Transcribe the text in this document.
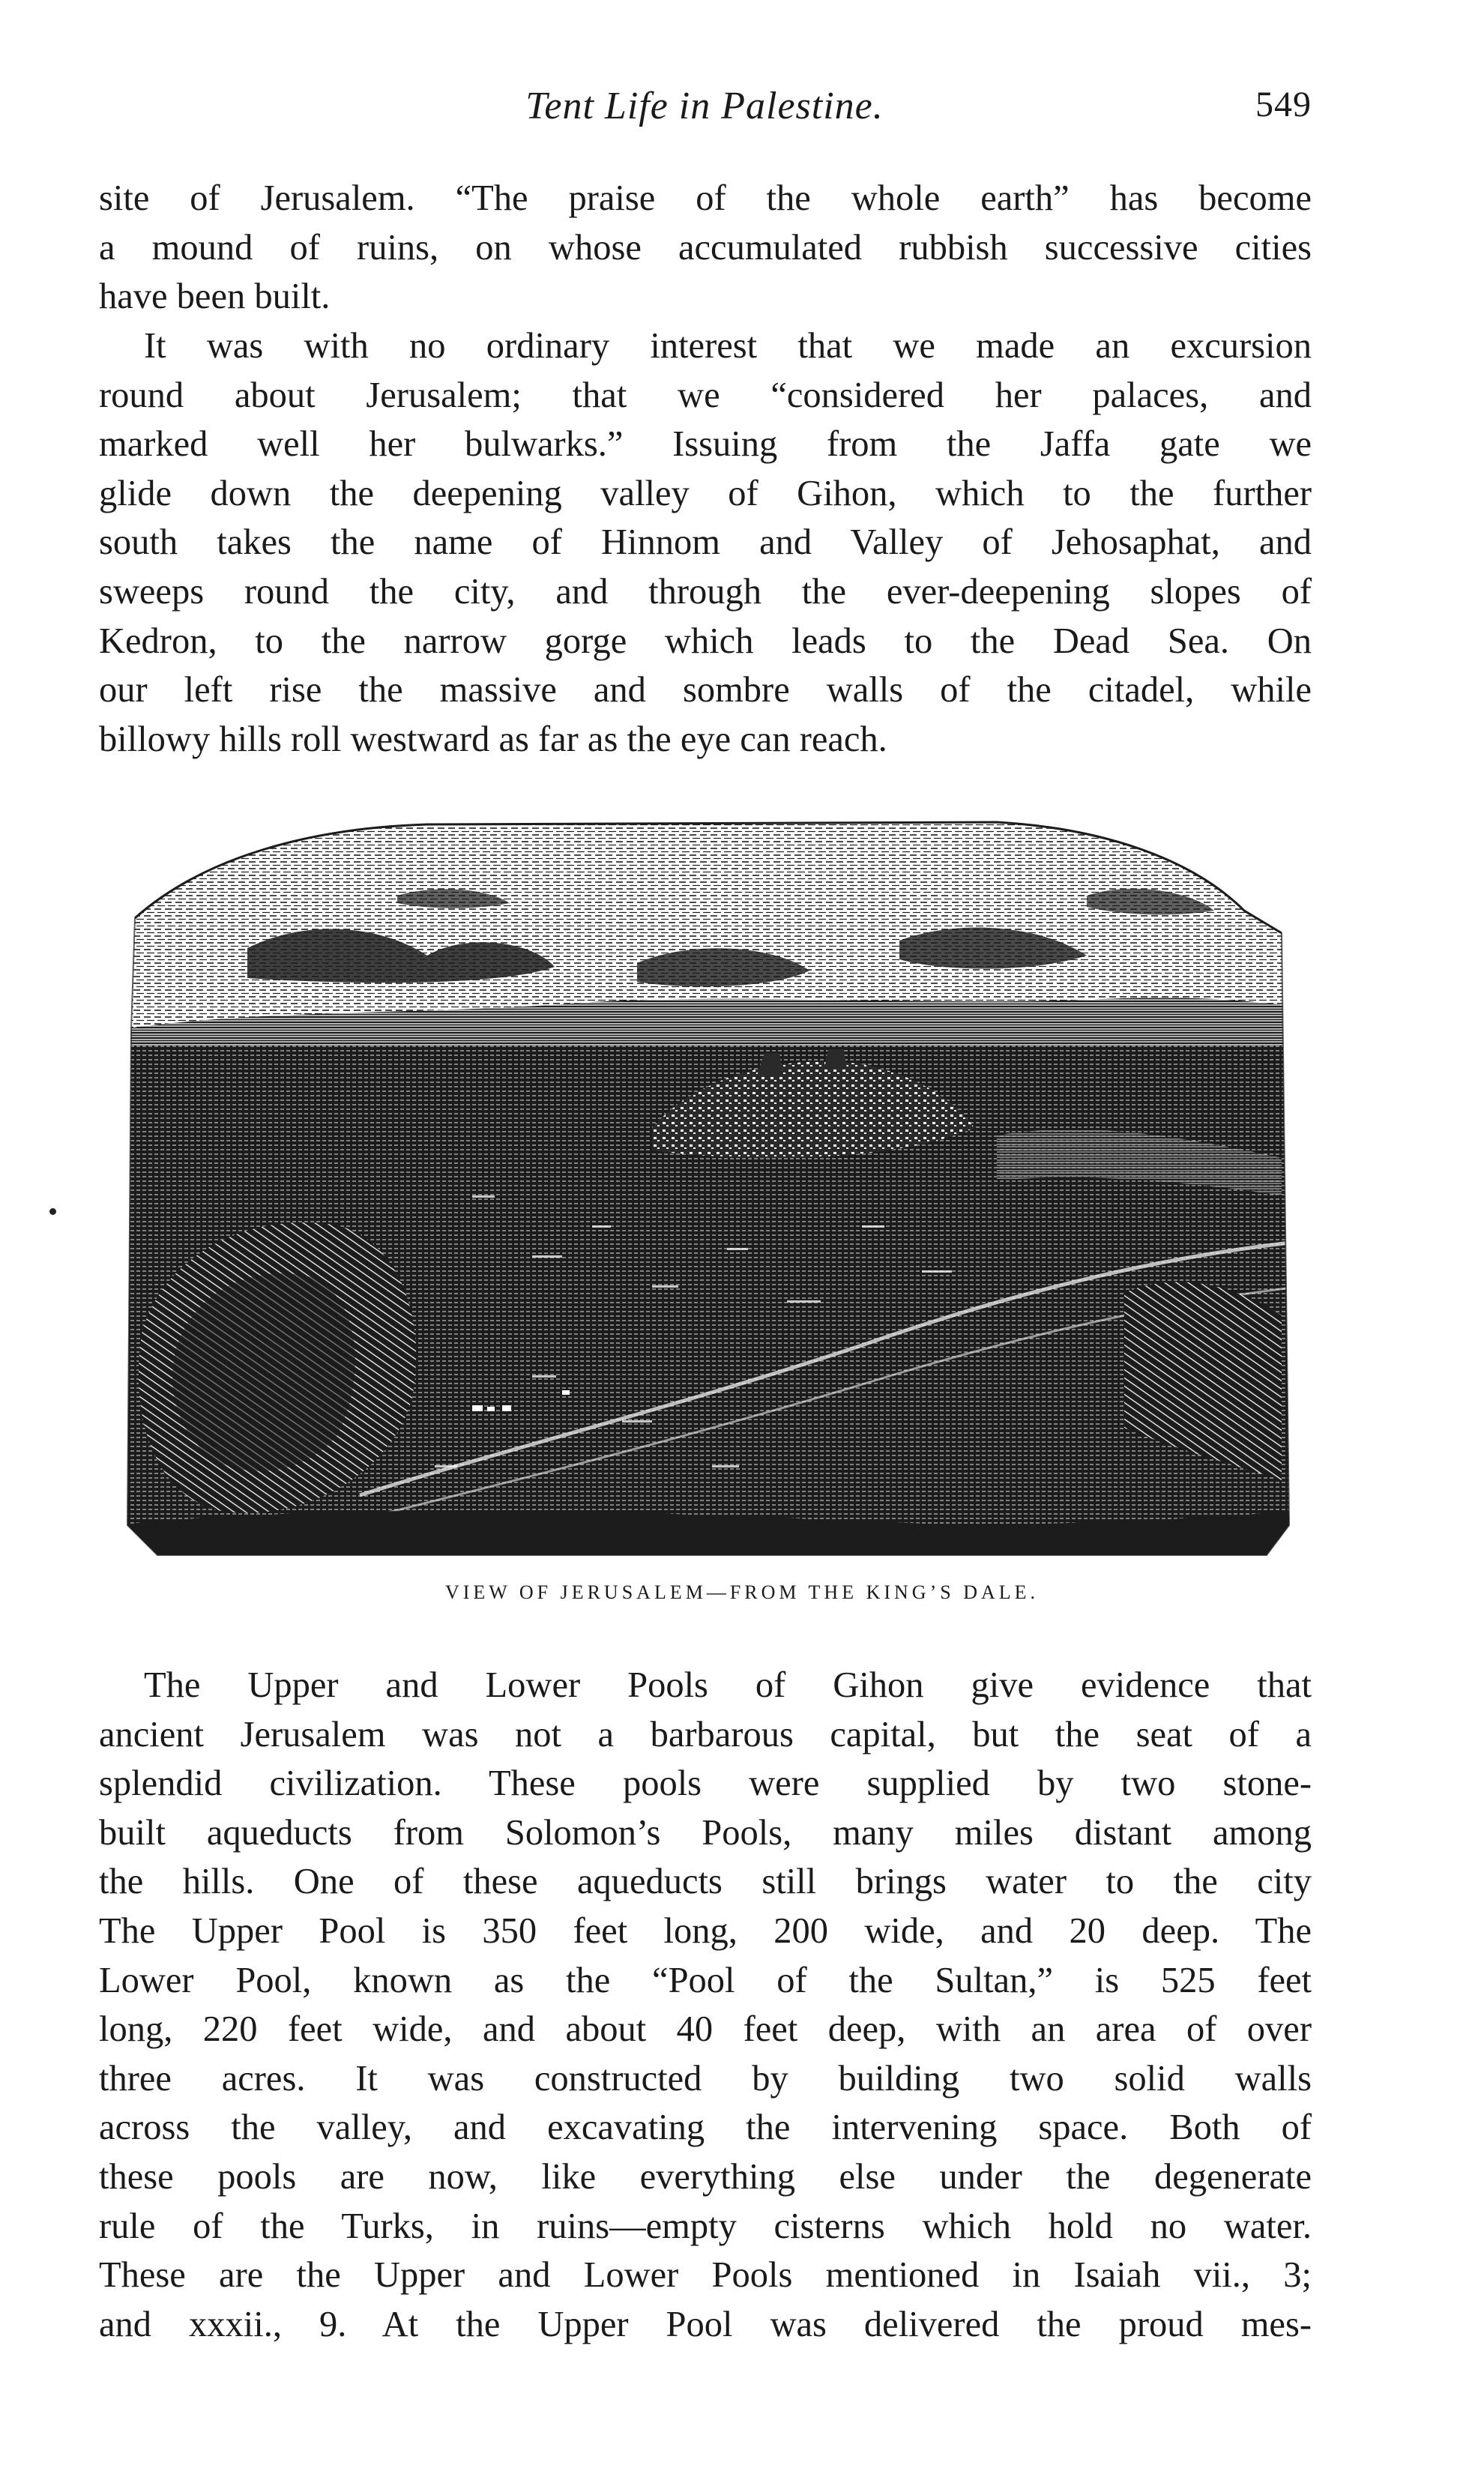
Tent Life in Palestine.	549
site of Jerusalem. “The praise of the whole earth” has become
a mound of ruins, on whose accumulated rubbish successive cities
have been built.
It was with no ordinary interest that we made an excursion
round about Jerusalem; that we “considered her palaces, and
marked well her bulwarks.” Issuing from the Jaffa gate we
glide down the deepening valley of Gihon, which to the further
south takes the name of Hinnom and Valley of Jehosaphat, and
sweeps round the city, and through the ever-deepening slopes of
Kedron, to the narrow gorge which leads to the Dead Sea. On
our left rise the massive and sombre walls of the citadel, while
billowy hills roll westward as far as the eye can reach.
VIEW OF JERUSALEM—FROM THE KING’S DALE.
The Upper and Lower Pools of Gihon give evidence that
ancient Jerusalem was not a barbarous capital, but the seat of a
splendid civilization. These pools were supplied by two stone-
built aqueducts from Solomon’s Pools, many miles distant among
the hills. One of these aqueducts still brings water to the city
The Upper Pool is 350 feet long, 200 wide, and 20 deep. The
Lower Pool, known as the “Pool of the Sultan,” is 525 feet
long, 220 feet wide, and about 40 feet deep, with an area of over
three acres. It was constructed by building two solid walls
across the valley, and excavating the intervening space. Both of
these pools are now, like everything else under the degenerate
rule of the Turks, in ruins—empty cisterns which hold no water.
These are the Upper and Lower Pools mentioned in Isaiah vii., 3;
and xxxii., 9. At the Upper Pool was delivered the proud mes-
